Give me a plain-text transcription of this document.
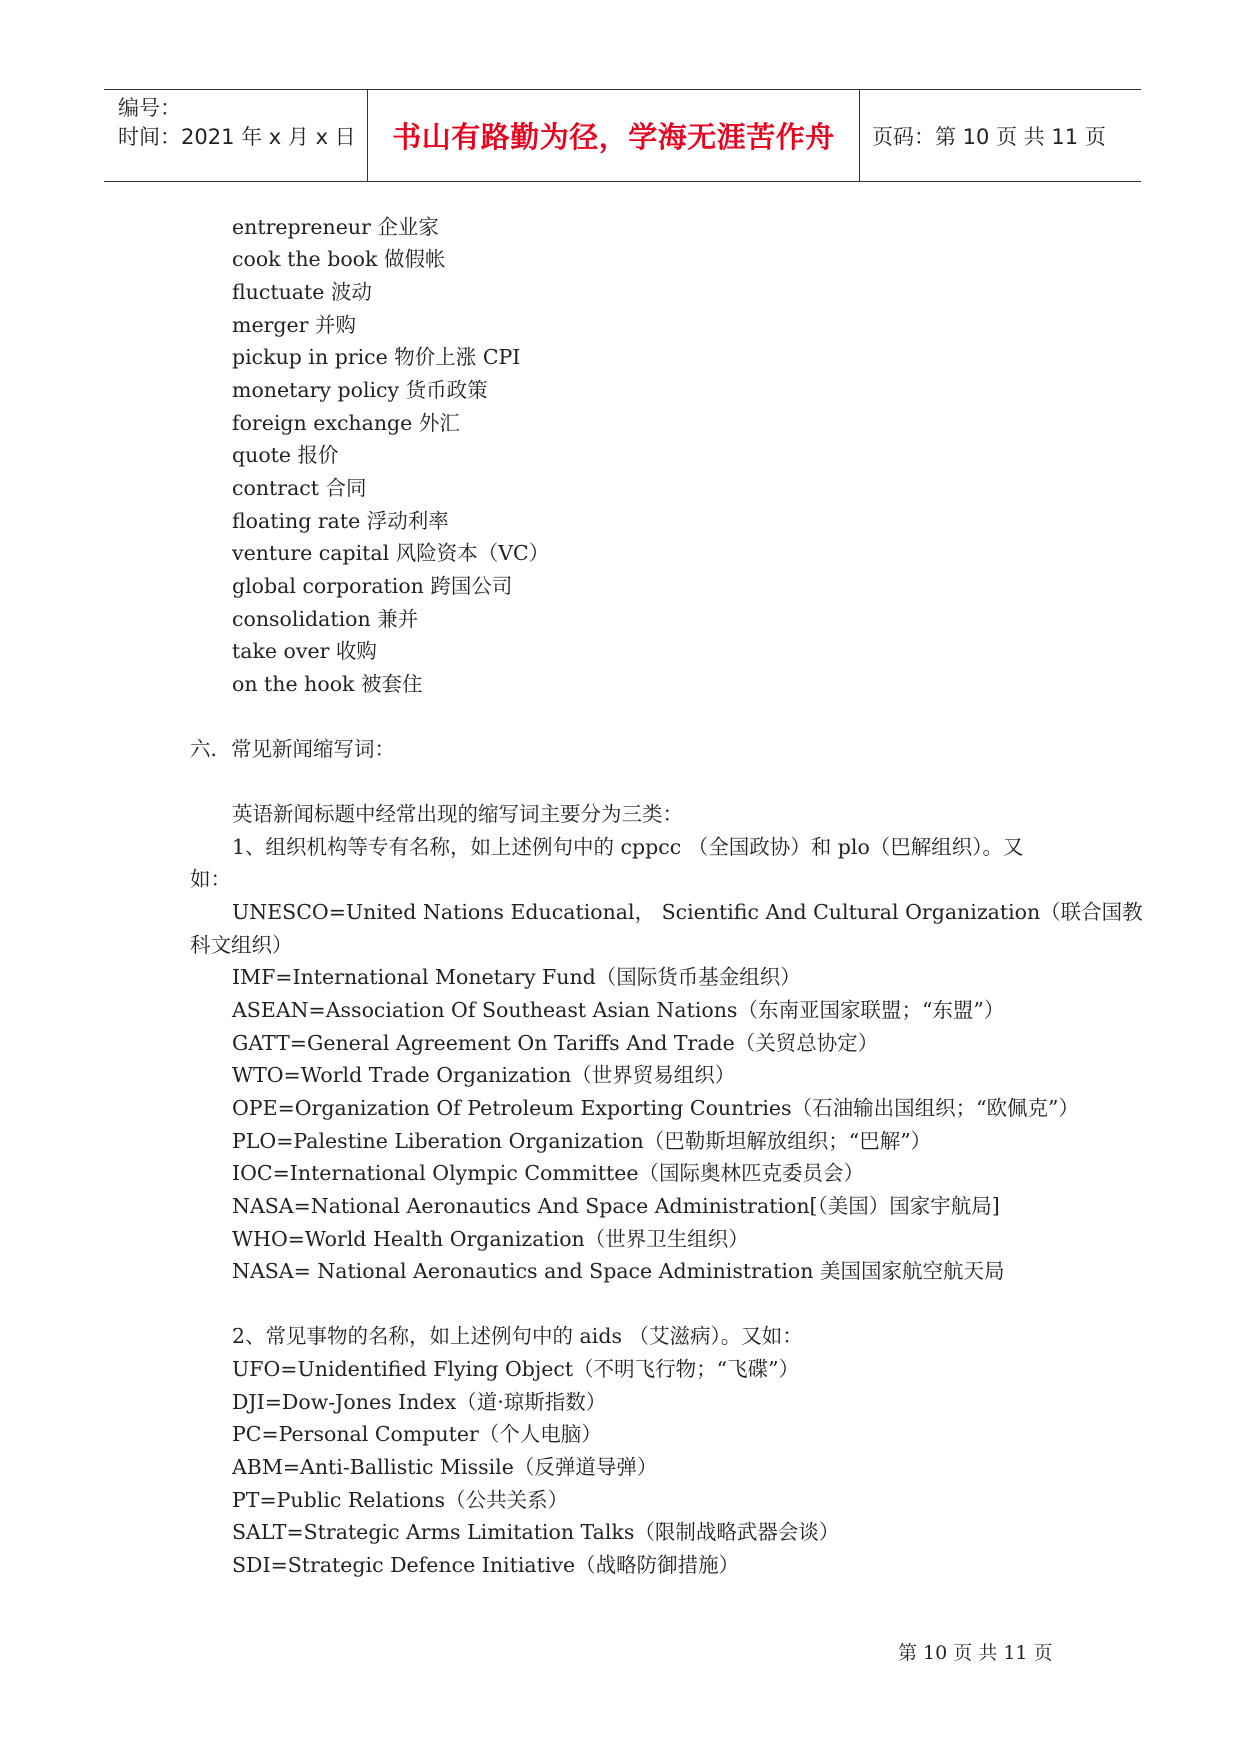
编号：
时间：2021 年 x 月 x 日	书山有路勤为径，学海无涯苦作舟	页码：第 10 页 共 11 页
entrepreneur 企业家
cook the book 做假帐
fluctuate 波动
merger 并购
pickup in price 物价上涨 CPI
monetary policy 货币政策
foreign exchange 外汇
quote 报价
contract 合同
floating rate 浮动利率
venture capital 风险资本（VC）
global corporation 跨国公司
consolidation 兼并
take over 收购
on the hook 被套住
六．常见新闻缩写词：
英语新闻标题中经常出现的缩写词主要分为三类：
1、组织机构等专有名称，如上述例句中的 cppcc （全国政协）和 plo（巴解组织）。又
如：
UNESCO=United Nations Educational， Scientific And Cultural Organization（联合国教
科文组织）
IMF=International Monetary Fund（国际货币基金组织）
ASEAN=Association Of Southeast Asian Nations（东南亚国家联盟；“东盟”）
GATT=General Agreement On Tariffs And Trade（关贸总协定）
WTO=World Trade Organization（世界贸易组织）
OPE=Organization Of Petroleum Exporting Countries（石油输出国组织；“欧佩克”）
PLO=Palestine Liberation Organization（巴勒斯坦解放组织；“巴解”）
IOC=International Olympic Committee（国际奥林匹克委员会）
NASA=National Aeronautics And Space Administration[（美国）国家宇航局]
WHO=World Health Organization（世界卫生组织）
NASA= National Aeronautics and Space Administration 美国国家航空航天局
2、常见事物的名称，如上述例句中的 aids （艾滋病）。又如：
UFO=Unidentified Flying Object（不明飞行物；“飞碟”）
DJI=Dow-Jones Index（道·琼斯指数）
PC=Personal Computer（个人电脑）
ABM=Anti-Ballistic Missile（反弹道导弹）
PT=Public Relations（公共关系）
SALT=Strategic Arms Limitation Talks（限制战略武器会谈）
SDI=Strategic Defence Initiative（战略防御措施）
第 10 页 共 11 页
